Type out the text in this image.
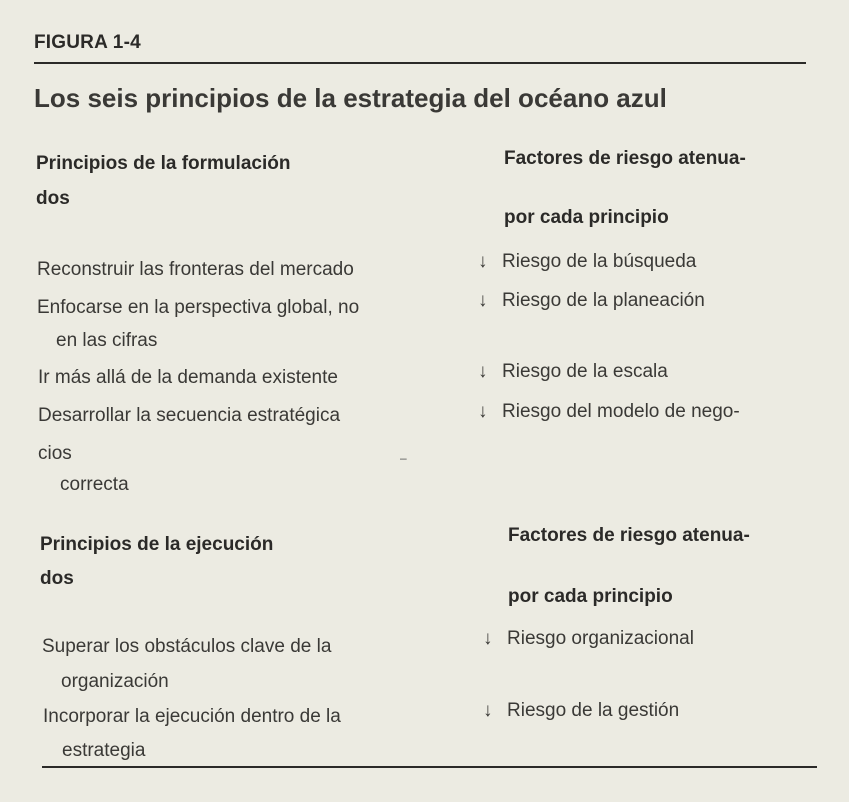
FIGURA 1-4
Los seis principios de la estrategia del océano azul
Principios de la formulación
dos
Factores de riesgo atenua-
por cada principio
Reconstruir las fronteras del mercado	↓ Riesgo de la búsqueda
Enfocarse en la perspectiva global, no
en las cifras
↓ Riesgo de la planeación
Ir más allá de la demanda existente	↓ Riesgo de la escala
Desarrollar la secuencia estratégica
cios
correcta
↓ Riesgo del modelo de nego-
‒
Principios de la ejecución
dos
Factores de riesgo atenua-
por cada principio
Superar los obstáculos clave de la
organización
↓ Riesgo organizacional
Incorporar la ejecución dentro de la
estrategia
↓ Riesgo de la gestión
